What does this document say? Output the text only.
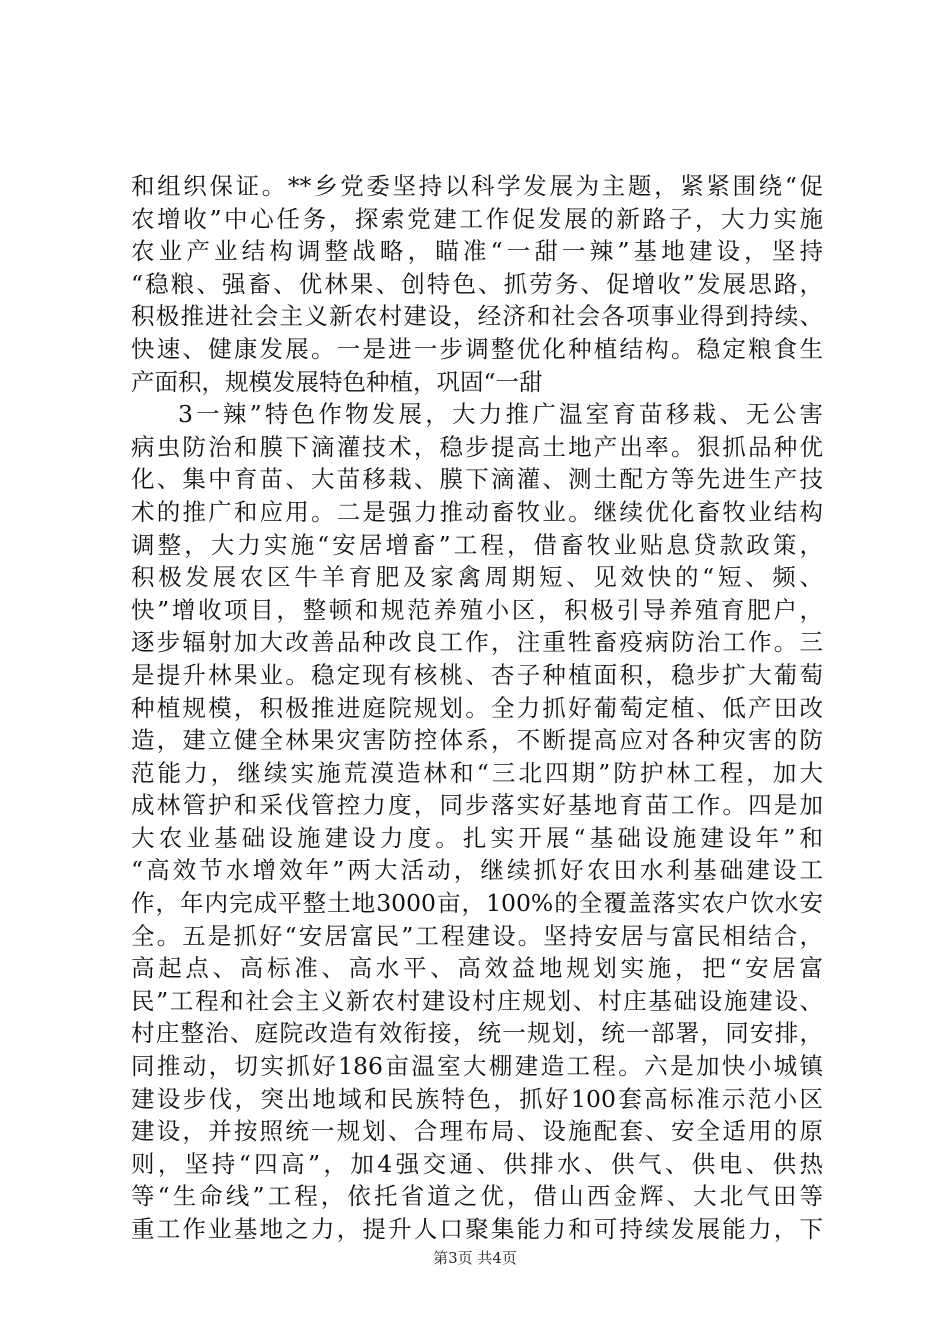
和组织保证。**乡党委坚持以科学发展为主题，紧紧围绕“促
农增收”中心任务，探索党建工作促发展的新路子，大力实施
农业产业结构调整战略，瞄准“一甜一辣”基地建设，坚持
“稳粮、强畜、优林果、创特色、抓劳务、促增收”发展思路，
积极推进社会主义新农村建设，经济和社会各项事业得到持续、
快速、健康发展。一是进一步调整优化种植结构。稳定粮食生
产面积，规模发展特色种植，巩固“一甜
3一辣”特色作物发展，大力推广温室育苗移栽、无公害
病虫防治和膜下滴灌技术，稳步提高土地产出率。狠抓品种优
化、集中育苗、大苗移栽、膜下滴灌、测土配方等先进生产技
术的推广和应用。二是强力推动畜牧业。继续优化畜牧业结构
调整，大力实施“安居增畜”工程，借畜牧业贴息贷款政策，
积极发展农区牛羊育肥及家禽周期短、见效快的“短、频、
快”增收项目，整顿和规范养殖小区，积极引导养殖育肥户，
逐步辐射加大改善品种改良工作，注重牲畜疫病防治工作。三
是提升林果业。稳定现有核桃、杏子种植面积，稳步扩大葡萄
种植规模，积极推进庭院规划。全力抓好葡萄定植、低产田改
造，建立健全林果灾害防控体系，不断提高应对各种灾害的防
范能力，继续实施荒漠造林和“三北四期”防护林工程，加大
成林管护和采伐管控力度，同步落实好基地育苗工作。四是加
大农业基础设施建设力度。扎实开展“基础设施建设年”和
“高效节水增效年”两大活动，继续抓好农田水利基础建设工
作，年内完成平整土地3000亩，100%的全覆盖落实农户饮水安
全。五是抓好“安居富民”工程建设。坚持安居与富民相结合，
高起点、高标准、高水平、高效益地规划实施，把“安居富
民”工程和社会主义新农村建设村庄规划、村庄基础设施建设、
村庄整治、庭院改造有效衔接，统一规划，统一部署，同安排，
同推动，切实抓好186亩温室大棚建造工程。六是加快小城镇
建设步伐，突出地域和民族特色，抓好100套高标准示范小区
建设，并按照统一规划、合理布局、设施配套、安全适用的原
则，坚持“四高”，加4强交通、供排水、供气、供电、供热
等“生命线”工程，依托省道之优，借山西金辉、大北气田等
重工作业基地之力，提升人口聚集能力和可持续发展能力，下
第3页 共4页
